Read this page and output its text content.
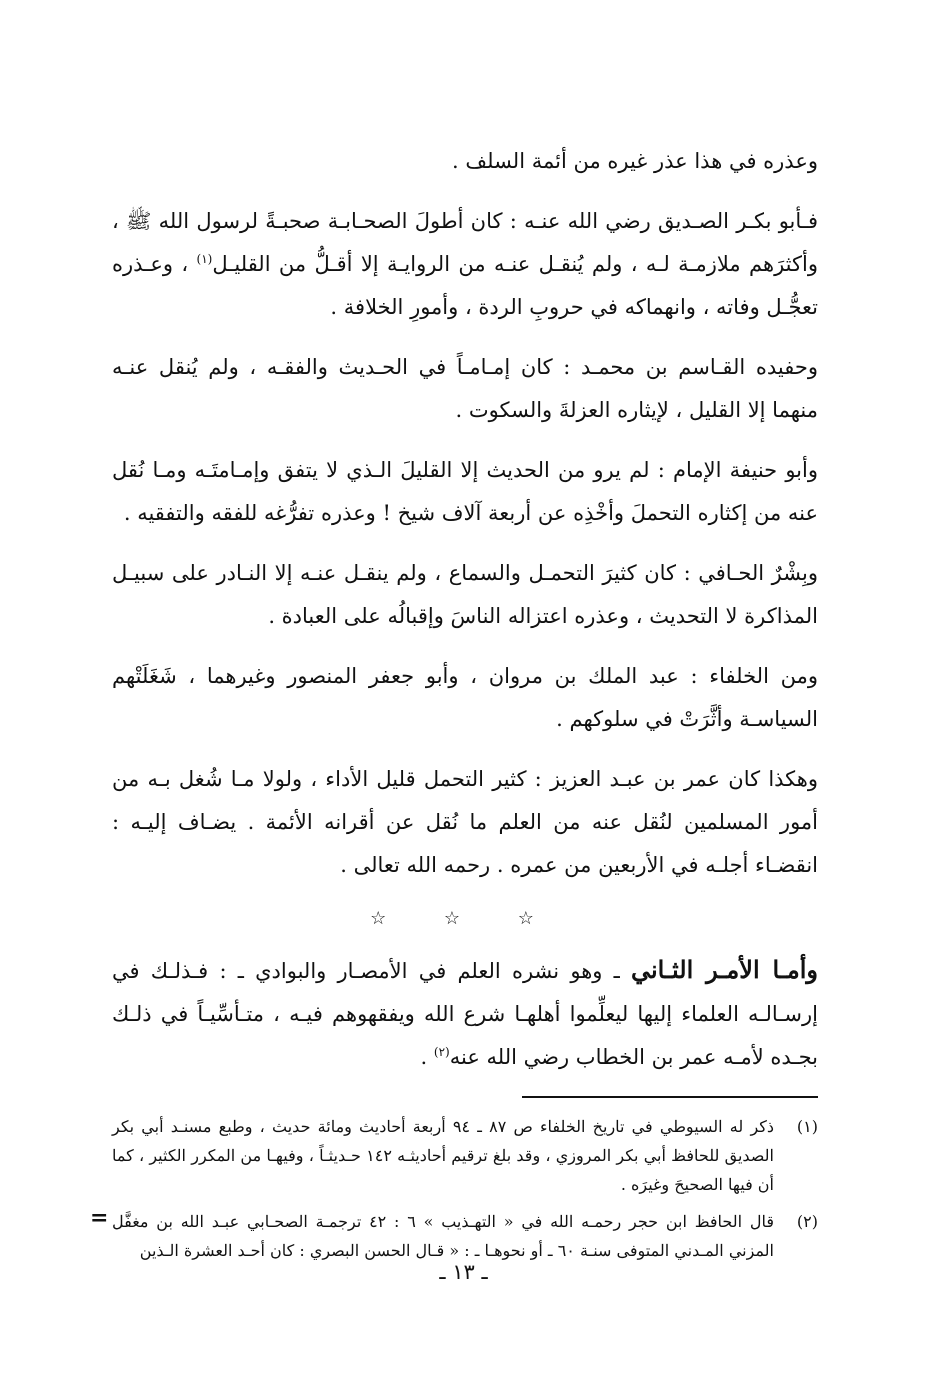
وعذره في هذا عذر غيره من أئمة السلف .

فـأبو بكـر الصـديق رضي الله عنـه : كان أطولَ الصحـابـة صحبـةً لرسول الله ﷺ ، وأكثرَهم ملازمـة لـه ، ولم يُنقـل عنـه من الروايـة إلا أقـلُّ من القليـل$^{(١)}$ ، وعـذره تعجُّـل وفاته ، وانهماكه في حروبِ الردة ، وأمورِ الخلافة .

وحفيده القـاسم بن محمـد : كان إمـامـاً في الحـديث والفقـه ، ولم يُنقل عنـه منهما إلا القليل ، لإيثاره العزلةَ والسكوت .

وأبو حنيفة الإمام : لم يرو من الحديث إلا القليلَ الـذي لا يتفق وإمـامتَـه ومـا نُقل عنه من إكثاره التحملَ وأخْذِه عن أربعة آلاف شيخ ! وعذره تفرُّغه للفقه والتفقيه .

وبِشْرٌ الحـافي : كان كثيرَ التحمـل والسماع ، ولم ينقـل عنـه إلا النـادر على سبيـل المذاكرة لا التحديث ، وعذره اعتزاله الناسَ وإقبالُه على العبادة .

ومن الخلفاء : عبد الملك بن مروان ، وأبو جعفر المنصور وغيرهما ، شَغَلَتْهم السياسـة وأثَّرَتْ في سلوكهم .

وهكذا كان عمر بن عبـد العزيز : كثير التحمل قليل الأداء ، ولولا مـا شُغل بـه من أمور المسلمين لنُقل عنه من العلم ما نُقل عن أقرانه الأئمة . يضـاف إليـه : انقضـاء أجلـه في الأربعين من عمره . رحمه الله تعالى .

☆ ☆ ☆

وأمـا الأمـر الثـاني ـ وهو نشره العلم في الأمصـار والبوادي ـ : فـذلـك في إرسـالـه العلماء إليها ليعلِّموا أهلهـا شرع الله ويفقهوهم فيـه ، متـأسِّيـاً في ذلـك بجـده لأمـه عمر بن الخطاب رضي الله عنه$^{(٢)}$ .

(١)
ذكر له السيوطي في تاريخ الخلفاء ص ٨٧ ـ ٩٤ أربعة أحاديث ومائة حديث ، وطبع مسنـد أبي بكر الصديق للحافظ أبي بكر المروزي ، وقد بلغ ترقيم أحاديثـه ١٤٢ حـديثـاً ، وفيهـا من المكرر الكثير ، كما أن فيها الصحيحَ وغيرَه .
(٢)
قال الحافظ ابن حجر رحمـه الله في « التهـذيب » ٦ : ٤٢ ترجمـة الصحـابي عبـد الله بن مغفَّل المزني المـدني المتوفى سنـة ٦٠ ـ أو نحوهـا ـ : « قـال الحسن البصري : كان أحـد العشرة الـذين
=
ـ ١٣ ـ
